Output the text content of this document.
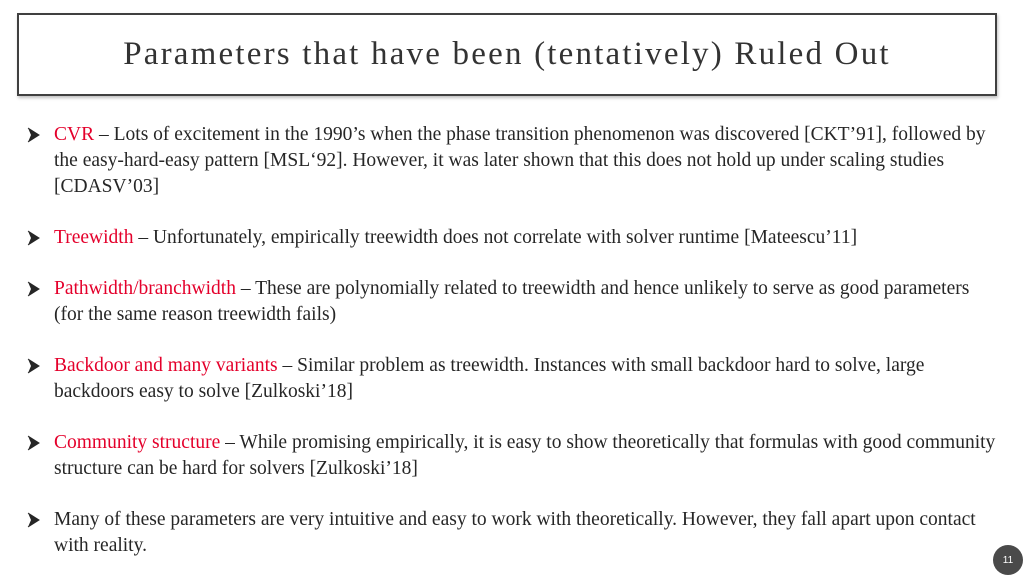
Parameters that have been (tentatively) Ruled Out
CVR – Lots of excitement in the 1990’s when the phase transition phenomenon was discovered [CKT’91], followed by the easy-hard-easy pattern [MSL‘92]. However, it was later shown that this does not hold up under scaling studies [CDASV’03]
Treewidth – Unfortunately, empirically treewidth does not correlate with solver runtime [Mateescu’11]
Pathwidth/branchwidth – These are polynomially related to treewidth and hence unlikely to serve as good parameters (for the same reason treewidth fails)
Backdoor and many variants – Similar problem as treewidth. Instances with small backdoor hard to solve, large backdoors easy to solve [Zulkoski’18]
Community structure – While promising empirically, it is easy to show theoretically that formulas with good community structure can be hard for solvers [Zulkoski’18]
Many of these parameters are very intuitive and easy to work with theoretically. However, they fall apart upon contact with reality.
11
